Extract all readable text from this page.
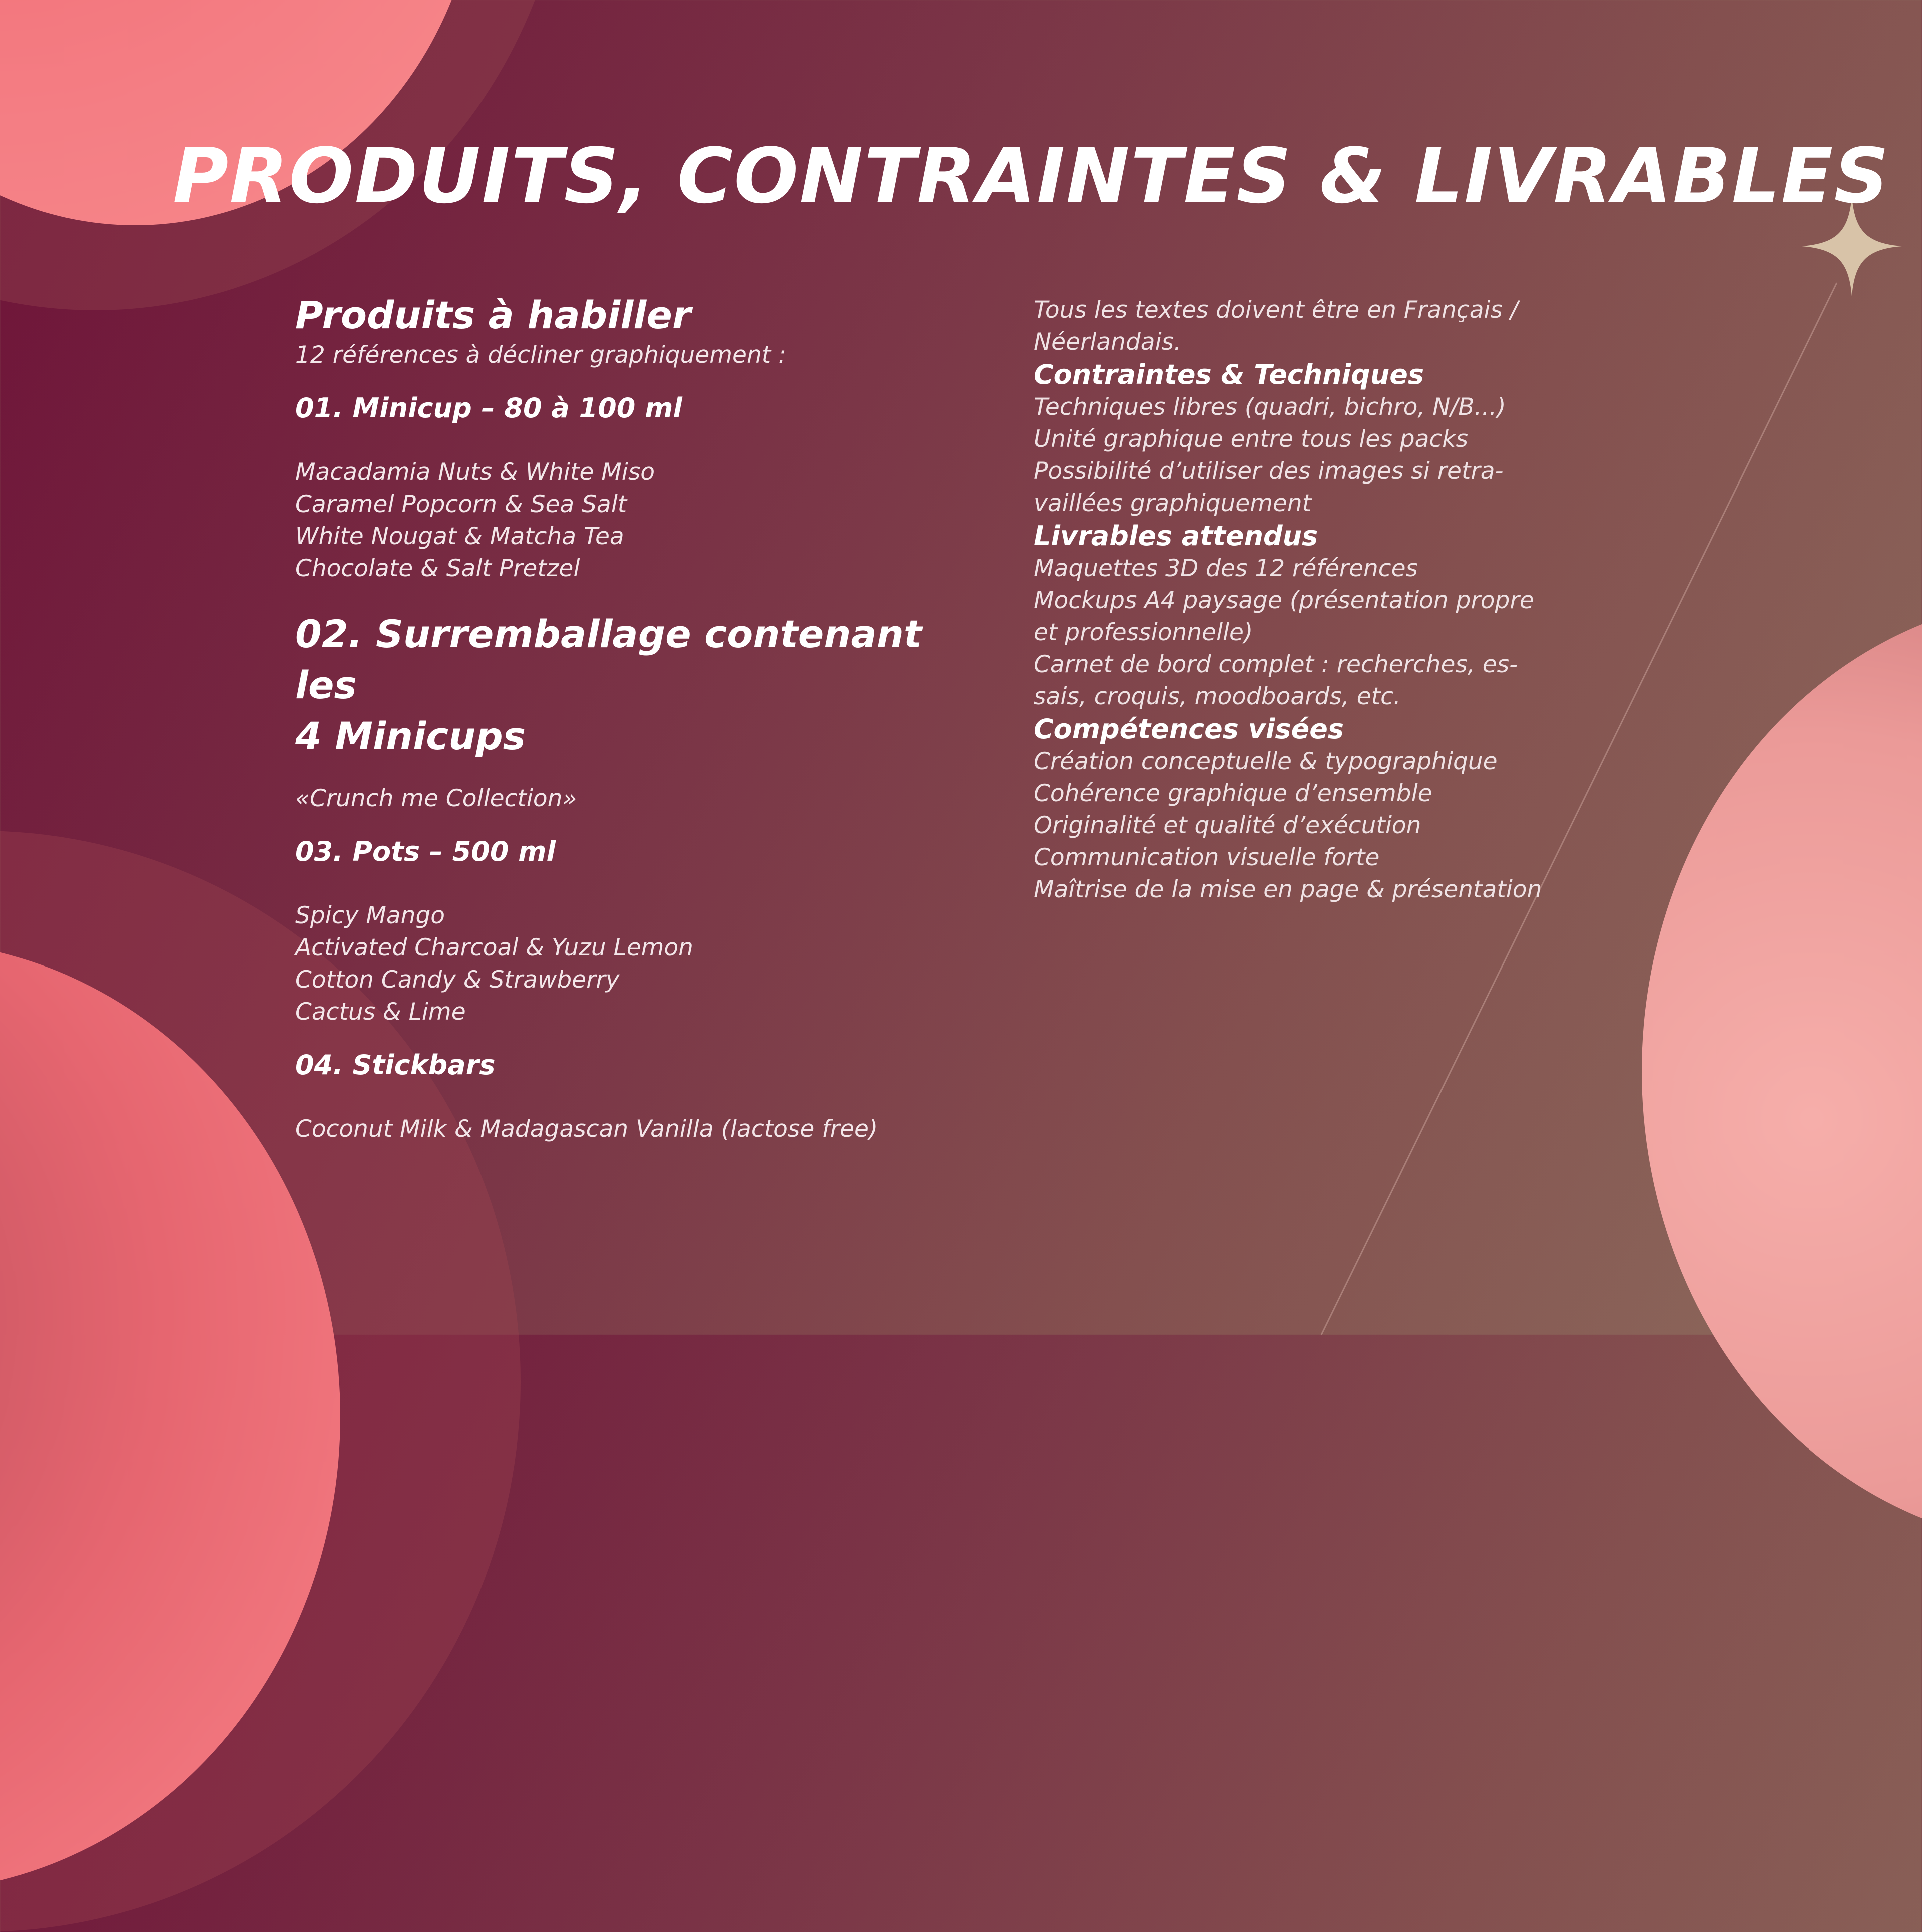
PRODUITS, CONTRAINTES & LIVRABLES

Produits à habiller

12 références à décliner graphiquement :

01. Minicup – 80 à 100 ml

Macadamia Nuts & White Miso

Caramel Popcorn & Sea Salt

White Nougat & Matcha Tea

Chocolate & Salt Pretzel

02. Surremballage contenant les

4 Minicups

«Crunch me Collection»

03. Pots – 500 ml

Spicy Mango

Activated Charcoal & Yuzu Lemon

Cotton Candy & Strawberry

Cactus & Lime

04. Stickbars

Coconut Milk & Madagascan Vanilla (lactose free)

Tous les textes doivent être en Français /

Néerlandais.

Contraintes & Techniques

Techniques libres (quadri, bichro, N/B...)

Unité graphique entre tous les packs

Possibilité d’utiliser des images si retra-

vaillées graphiquement

Livrables attendus

Maquettes 3D des 12 références

Mockups A4 paysage (présentation propre

et professionnelle)

Carnet de bord complet : recherches, es-

sais, croquis, moodboards, etc.

Compétences visées

Création conceptuelle & typographique

Cohérence graphique d’ensemble

Originalité et qualité d’exécution

Communication visuelle forte

Maîtrise de la mise en page & présentation
